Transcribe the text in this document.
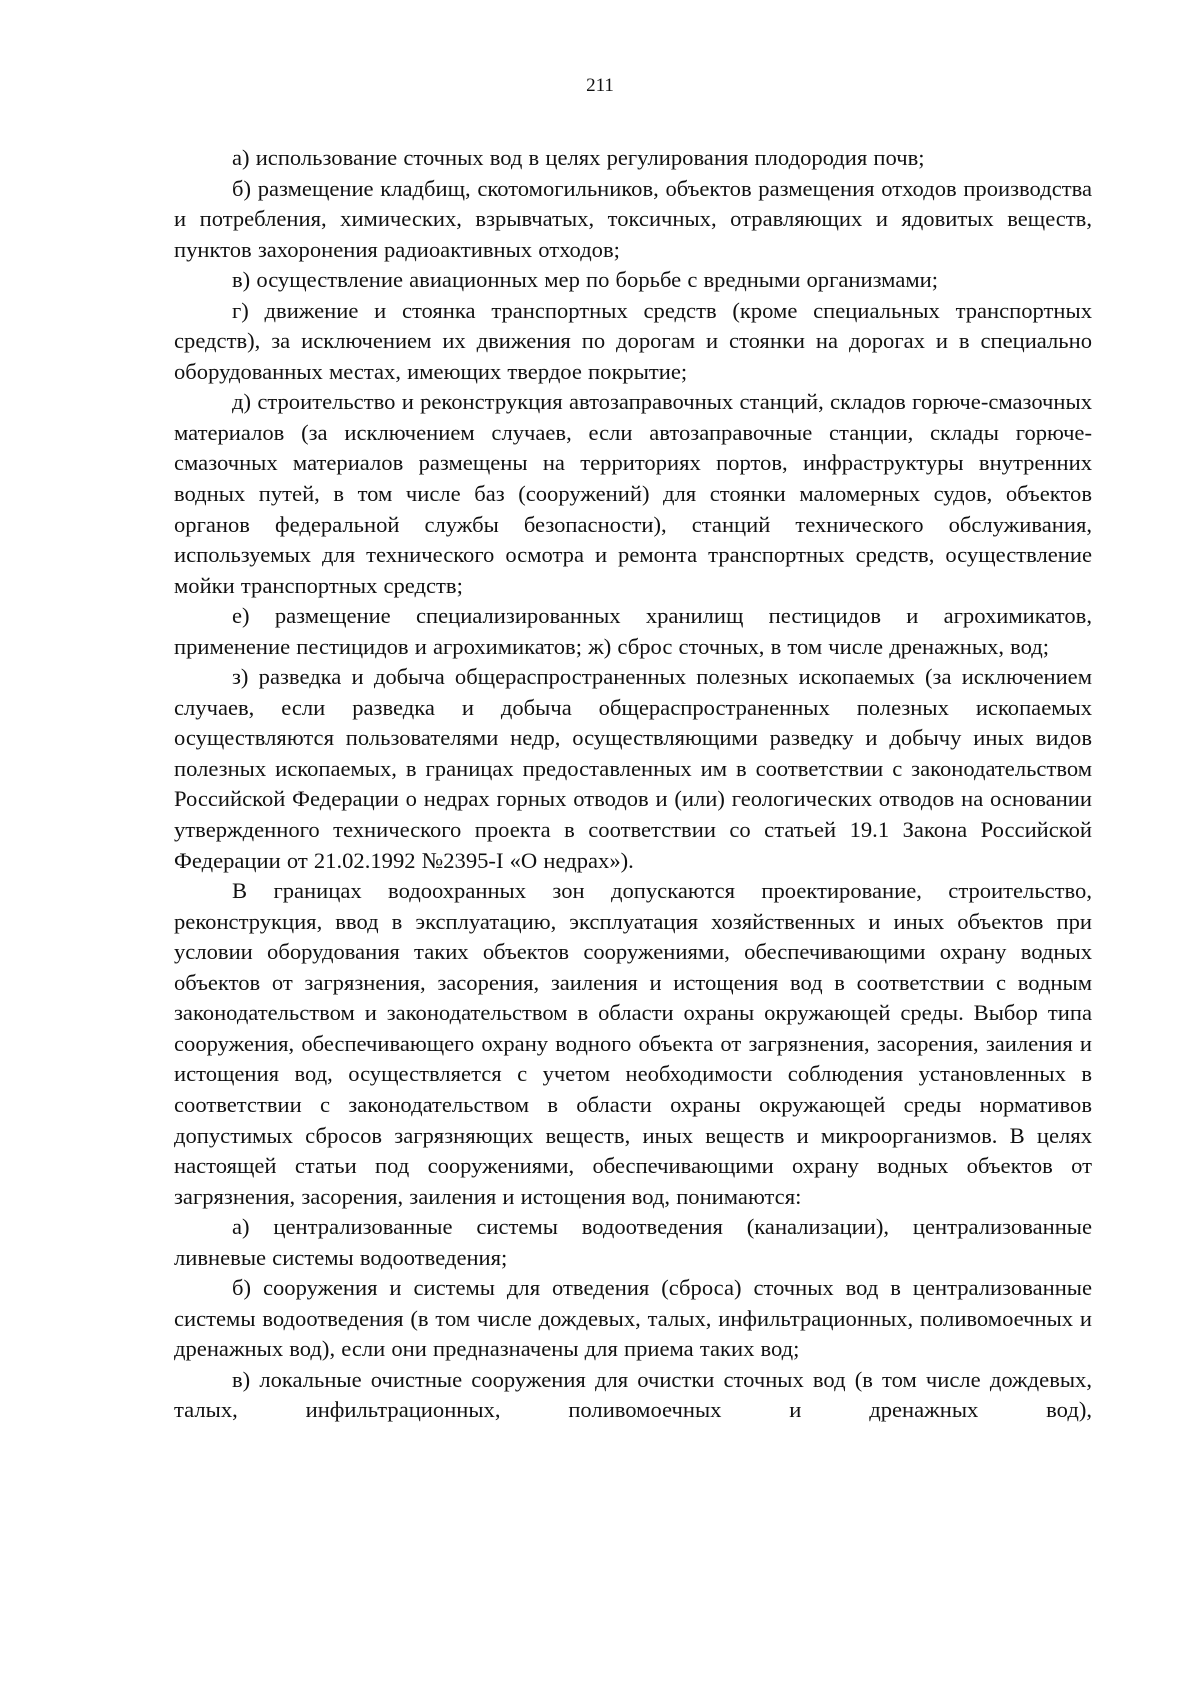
211

а) использование сточных вод в целях регулирования плодородия почв;

б) размещение кладбищ, скотомогильников, объектов размещения отходов производства и потребления, химических, взрывчатых, токсичных, отравляющих и ядовитых веществ, пунктов захоронения радиоактивных отходов;

в) осуществление авиационных мер по борьбе с вредными организмами;

г) движение и стоянка транспортных средств (кроме специальных транспортных средств), за исключением их движения по дорогам и стоянки на дорогах и в специально оборудованных местах, имеющих твердое покрытие;

д) строительство и реконструкция автозаправочных станций, складов горюче-смазочных материалов (за исключением случаев, если автозаправочные станции, склады горюче-смазочных материалов размещены на территориях портов, инфраструктуры внутренних водных путей, в том числе баз (сооружений) для стоянки маломерных судов, объектов органов федеральной службы безопасности), станций технического обслуживания, используемых для технического осмотра и ремонта транспортных средств, осуществление мойки транспортных средств;

е) размещение специализированных хранилищ пестицидов и агрохимикатов, применение пестицидов и агрохимикатов; ж) сброс сточных, в том числе дренажных, вод;

з) разведка и добыча общераспространенных полезных ископаемых (за исключением случаев, если разведка и добыча общераспространенных полезных ископаемых осуществляются пользователями недр, осуществляющими разведку и добычу иных видов полезных ископаемых, в границах предоставленных им в соответствии с законодательством Российской Федерации о недрах горных отводов и (или) геологических отводов на основании утвержденного технического проекта в соответствии со статьей 19.1 Закона Российской Федерации от 21.02.1992 №2395-I «О недрах»).

В границах водоохранных зон допускаются проектирование, строительство, реконструкция, ввод в эксплуатацию, эксплуатация хозяйственных и иных объектов при условии оборудования таких объектов сооружениями, обеспечивающими охрану водных объектов от загрязнения, засорения, заиления и истощения вод в соответствии с водным законодательством и законодательством в области охраны окружающей среды. Выбор типа сооружения, обеспечивающего охрану водного объекта от загрязнения, засорения, заиления и истощения вод, осуществляется с учетом необходимости соблюдения установленных в соответствии с законодательством в области охраны окружающей среды нормативов допустимых сбросов загрязняющих веществ, иных веществ и микроорганизмов. В целях настоящей статьи под сооружениями, обеспечивающими охрану водных объектов от загрязнения, засорения, заиления и истощения вод, понимаются:

а) централизованные системы водоотведения (канализации), централизованные ливневые системы водоотведения;

б) сооружения и системы для отведения (сброса) сточных вод в централизованные системы водоотведения (в том числе дождевых, талых, инфильтрационных, поливомоечных и дренажных вод), если они предназначены для приема таких вод;

в) локальные очистные сооружения для очистки сточных вод (в том числе дождевых, талых, инфильтрационных, поливомоечных и дренажных вод),
